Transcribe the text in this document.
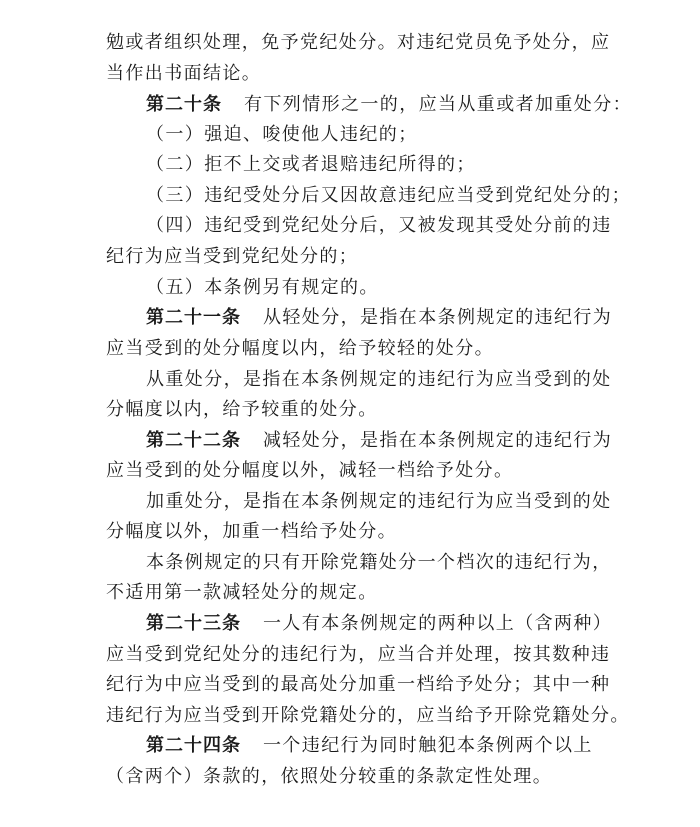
勉或者组织处理，免予党纪处分。对违纪党员免予处分，应
当作出书面结论。
第二十条 有下列情形之一的，应当从重或者加重处分：
（一）强迫、唆使他人违纪的；
（二）拒不上交或者退赔违纪所得的；
（三）违纪受处分后又因故意违纪应当受到党纪处分的；
（四）违纪受到党纪处分后，又被发现其受处分前的违
纪行为应当受到党纪处分的；
（五）本条例另有规定的。
第二十一条 从轻处分，是指在本条例规定的违纪行为
应当受到的处分幅度以内，给予较轻的处分。
从重处分，是指在本条例规定的违纪行为应当受到的处
分幅度以内，给予较重的处分。
第二十二条 减轻处分，是指在本条例规定的违纪行为
应当受到的处分幅度以外，减轻一档给予处分。
加重处分，是指在本条例规定的违纪行为应当受到的处
分幅度以外，加重一档给予处分。
本条例规定的只有开除党籍处分一个档次的违纪行为，
不适用第一款减轻处分的规定。
第二十三条 一人有本条例规定的两种以上（含两种）
应当受到党纪处分的违纪行为，应当合并处理，按其数种违
纪行为中应当受到的最高处分加重一档给予处分；其中一种
违纪行为应当受到开除党籍处分的，应当给予开除党籍处分。
第二十四条 一个违纪行为同时触犯本条例两个以上
（含两个）条款的，依照处分较重的条款定性处理。
